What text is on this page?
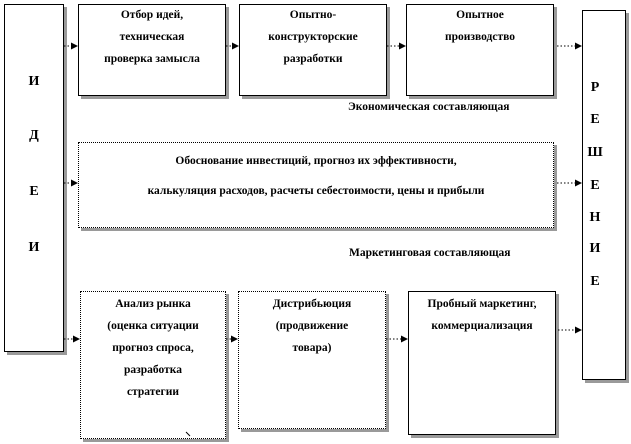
И
Д
Е
И
Р
Е
Ш
Е
Н
И
Е
Отбор идей,
техническая
проверка замысла
Опытно-
конструкторские
разработки
Опытное
производство
Экономическая составляющая
Маркетинговая составляющая
Обоснование инвестиций, прогноз их эффективности,
калькуляция расходов, расчеты себестоимости, цены и прибыли
Анализ рынка
(оценка ситуации
прогноз спроса,
разработка
стратегии
Дистрибьюция
(продвижение
товара)
Пробный маркетинг,
коммерциализация
